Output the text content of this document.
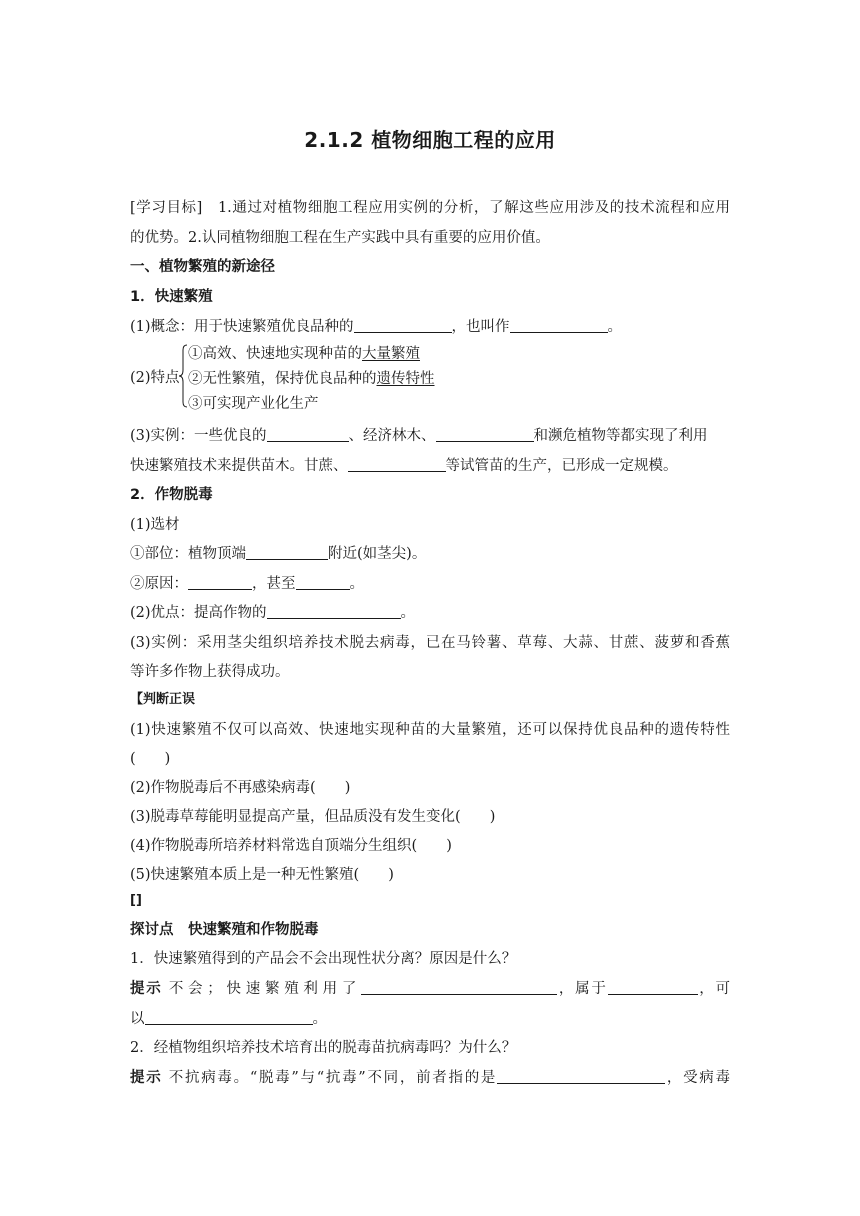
2.1.2 植物细胞工程的应用
[学习目标] 1.通过对植物细胞工程应用实例的分析，了解这些应用涉及的技术流程和应用
的优势。2.认同植物细胞工程在生产实践中具有重要的应用价值。
一、植物繁殖的新途径
1．快速繁殖
(1)概念：用于快速繁殖优良品种的	，也叫作	。
(2)特点
①高效、快速地实现种苗的大量繁殖
②无性繁殖，保持优良品种的遗传特性
③可实现产业化生产
(3)实例：一些优良的	、经济林木、	和濒危植物等都实现了利用
快速繁殖技术来提供苗木。甘蔗、	等试管苗的生产，已形成一定规模。
2．作物脱毒
(1)选材
①部位：植物顶端	附近(如茎尖)。
②原因：	，甚至	。
(2)优点：提高作物的	。
(3)实例：采用茎尖组织培养技术脱去病毒，已在马铃薯、草莓、大蒜、甘蔗、菠萝和香蕉
等许多作物上获得成功。
【判断正误
(1)快速繁殖不仅可以高效、快速地实现种苗的大量繁殖，还可以保持优良品种的遗传特性
(　　)
(2)作物脱毒后不再感染病毒(　　)
(3)脱毒草莓能明显提高产量，但品质没有发生变化(　　)
(4)作物脱毒所培养材料常选自顶端分生组织(　　)
(5)快速繁殖本质上是一种无性繁殖(　　)
[]
探讨点　快速繁殖和作物脱毒
1．快速繁殖得到的产品会不会出现性状分离？原因是什么？
提示 不会；快速繁殖利用了	，属于	，可
以	。
2．经植物组织培养技术培育出的脱毒苗抗病毒吗？为什么？
提示 不抗病毒。“脱毒”与“抗毒”不同，前者指的是	，受病毒
